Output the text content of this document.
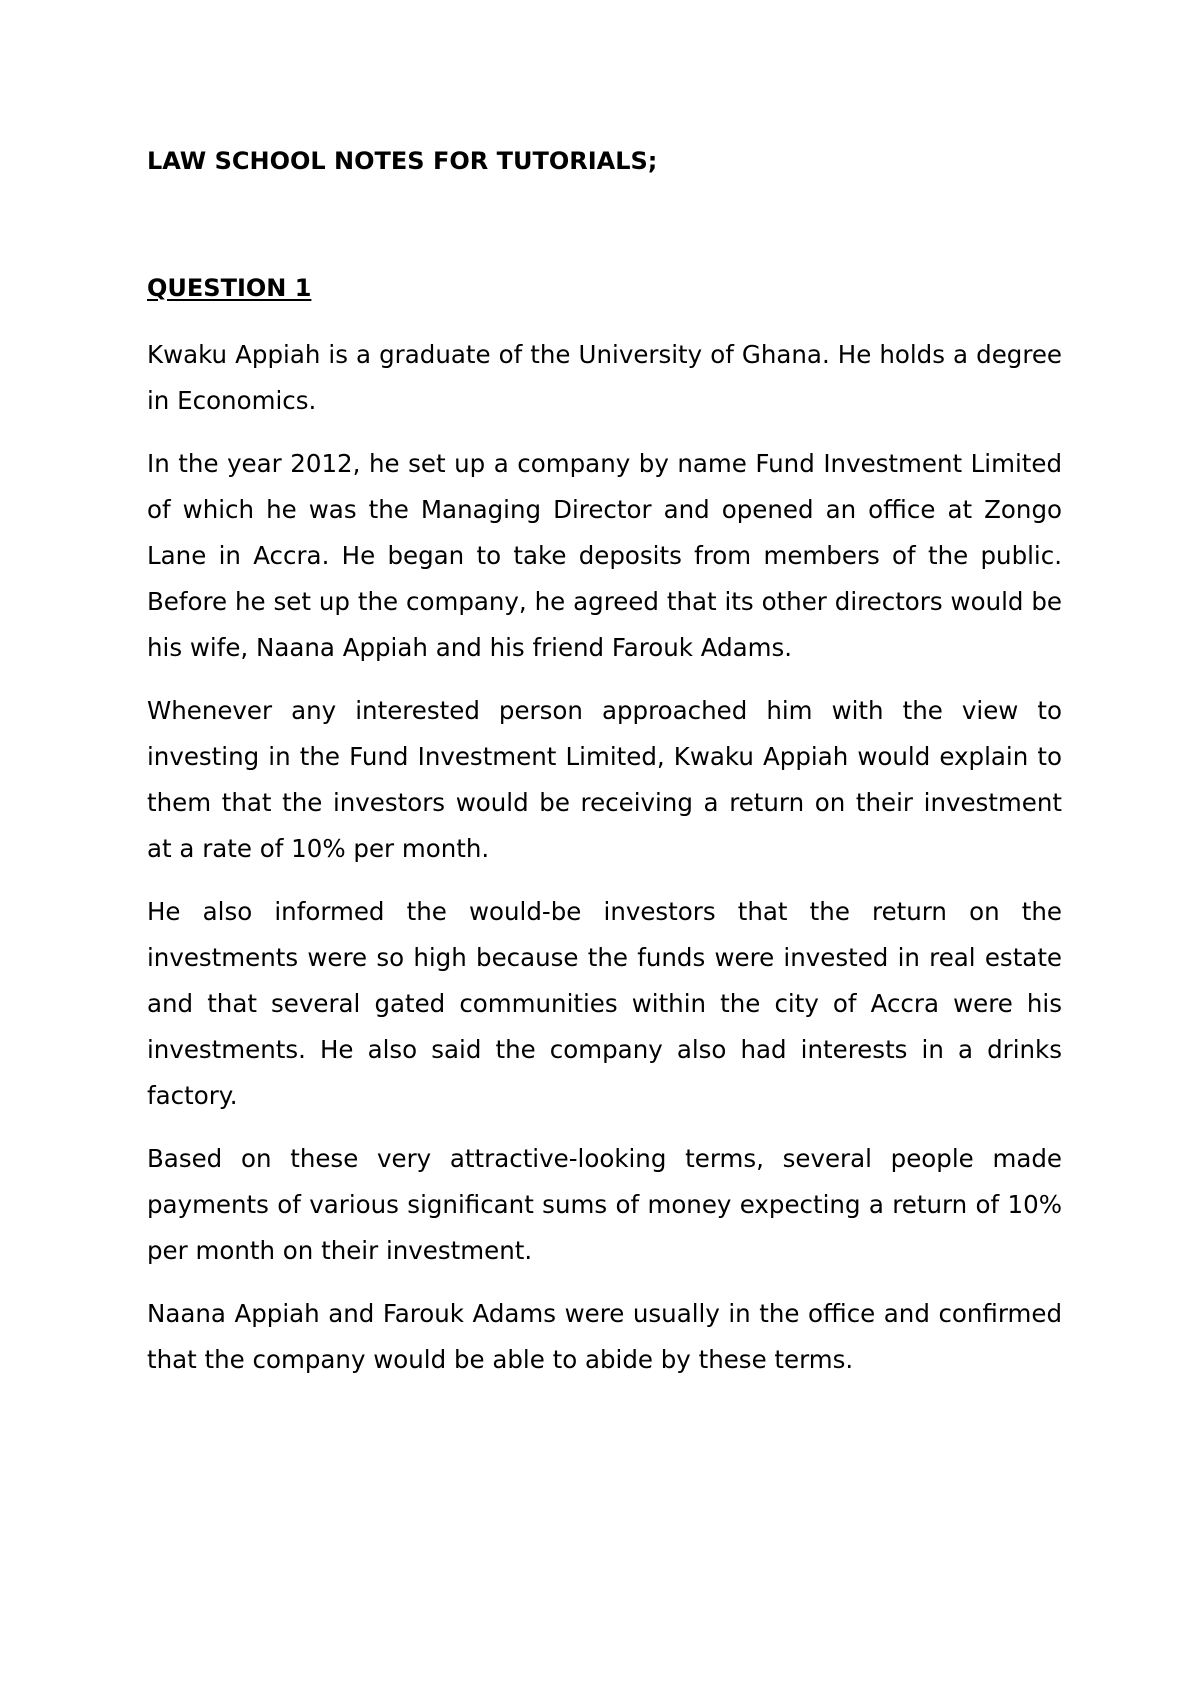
LAW SCHOOL NOTES FOR TUTORIALS;
QUESTION 1

Kwaku Appiah is a graduate of the University of Ghana. He holds a degree in Economics.

In the year 2012, he set up a company by name Fund Investment Limited of which he was the Managing Director and opened an office at Zongo Lane in Accra. He began to take deposits from members of the public. Before he set up the company, he agreed that its other directors would be his wife, Naana Appiah and his friend Farouk Adams.

Whenever any interested person approached him with the view to investing in the Fund Investment Limited, Kwaku Appiah would explain to them that the investors would be receiving a return on their investment at a rate of 10% per month.

He also informed the would-be investors that the return on the investments were so high because the funds were invested in real estate and that several gated communities within the city of Accra were his investments. He also said the company also had interests in a drinks factory.

Based on these very attractive-looking terms, several people made payments of various significant sums of money expecting a return of 10% per month on their investment.

Naana Appiah and Farouk Adams were usually in the office and confirmed that the company would be able to abide by these terms.
